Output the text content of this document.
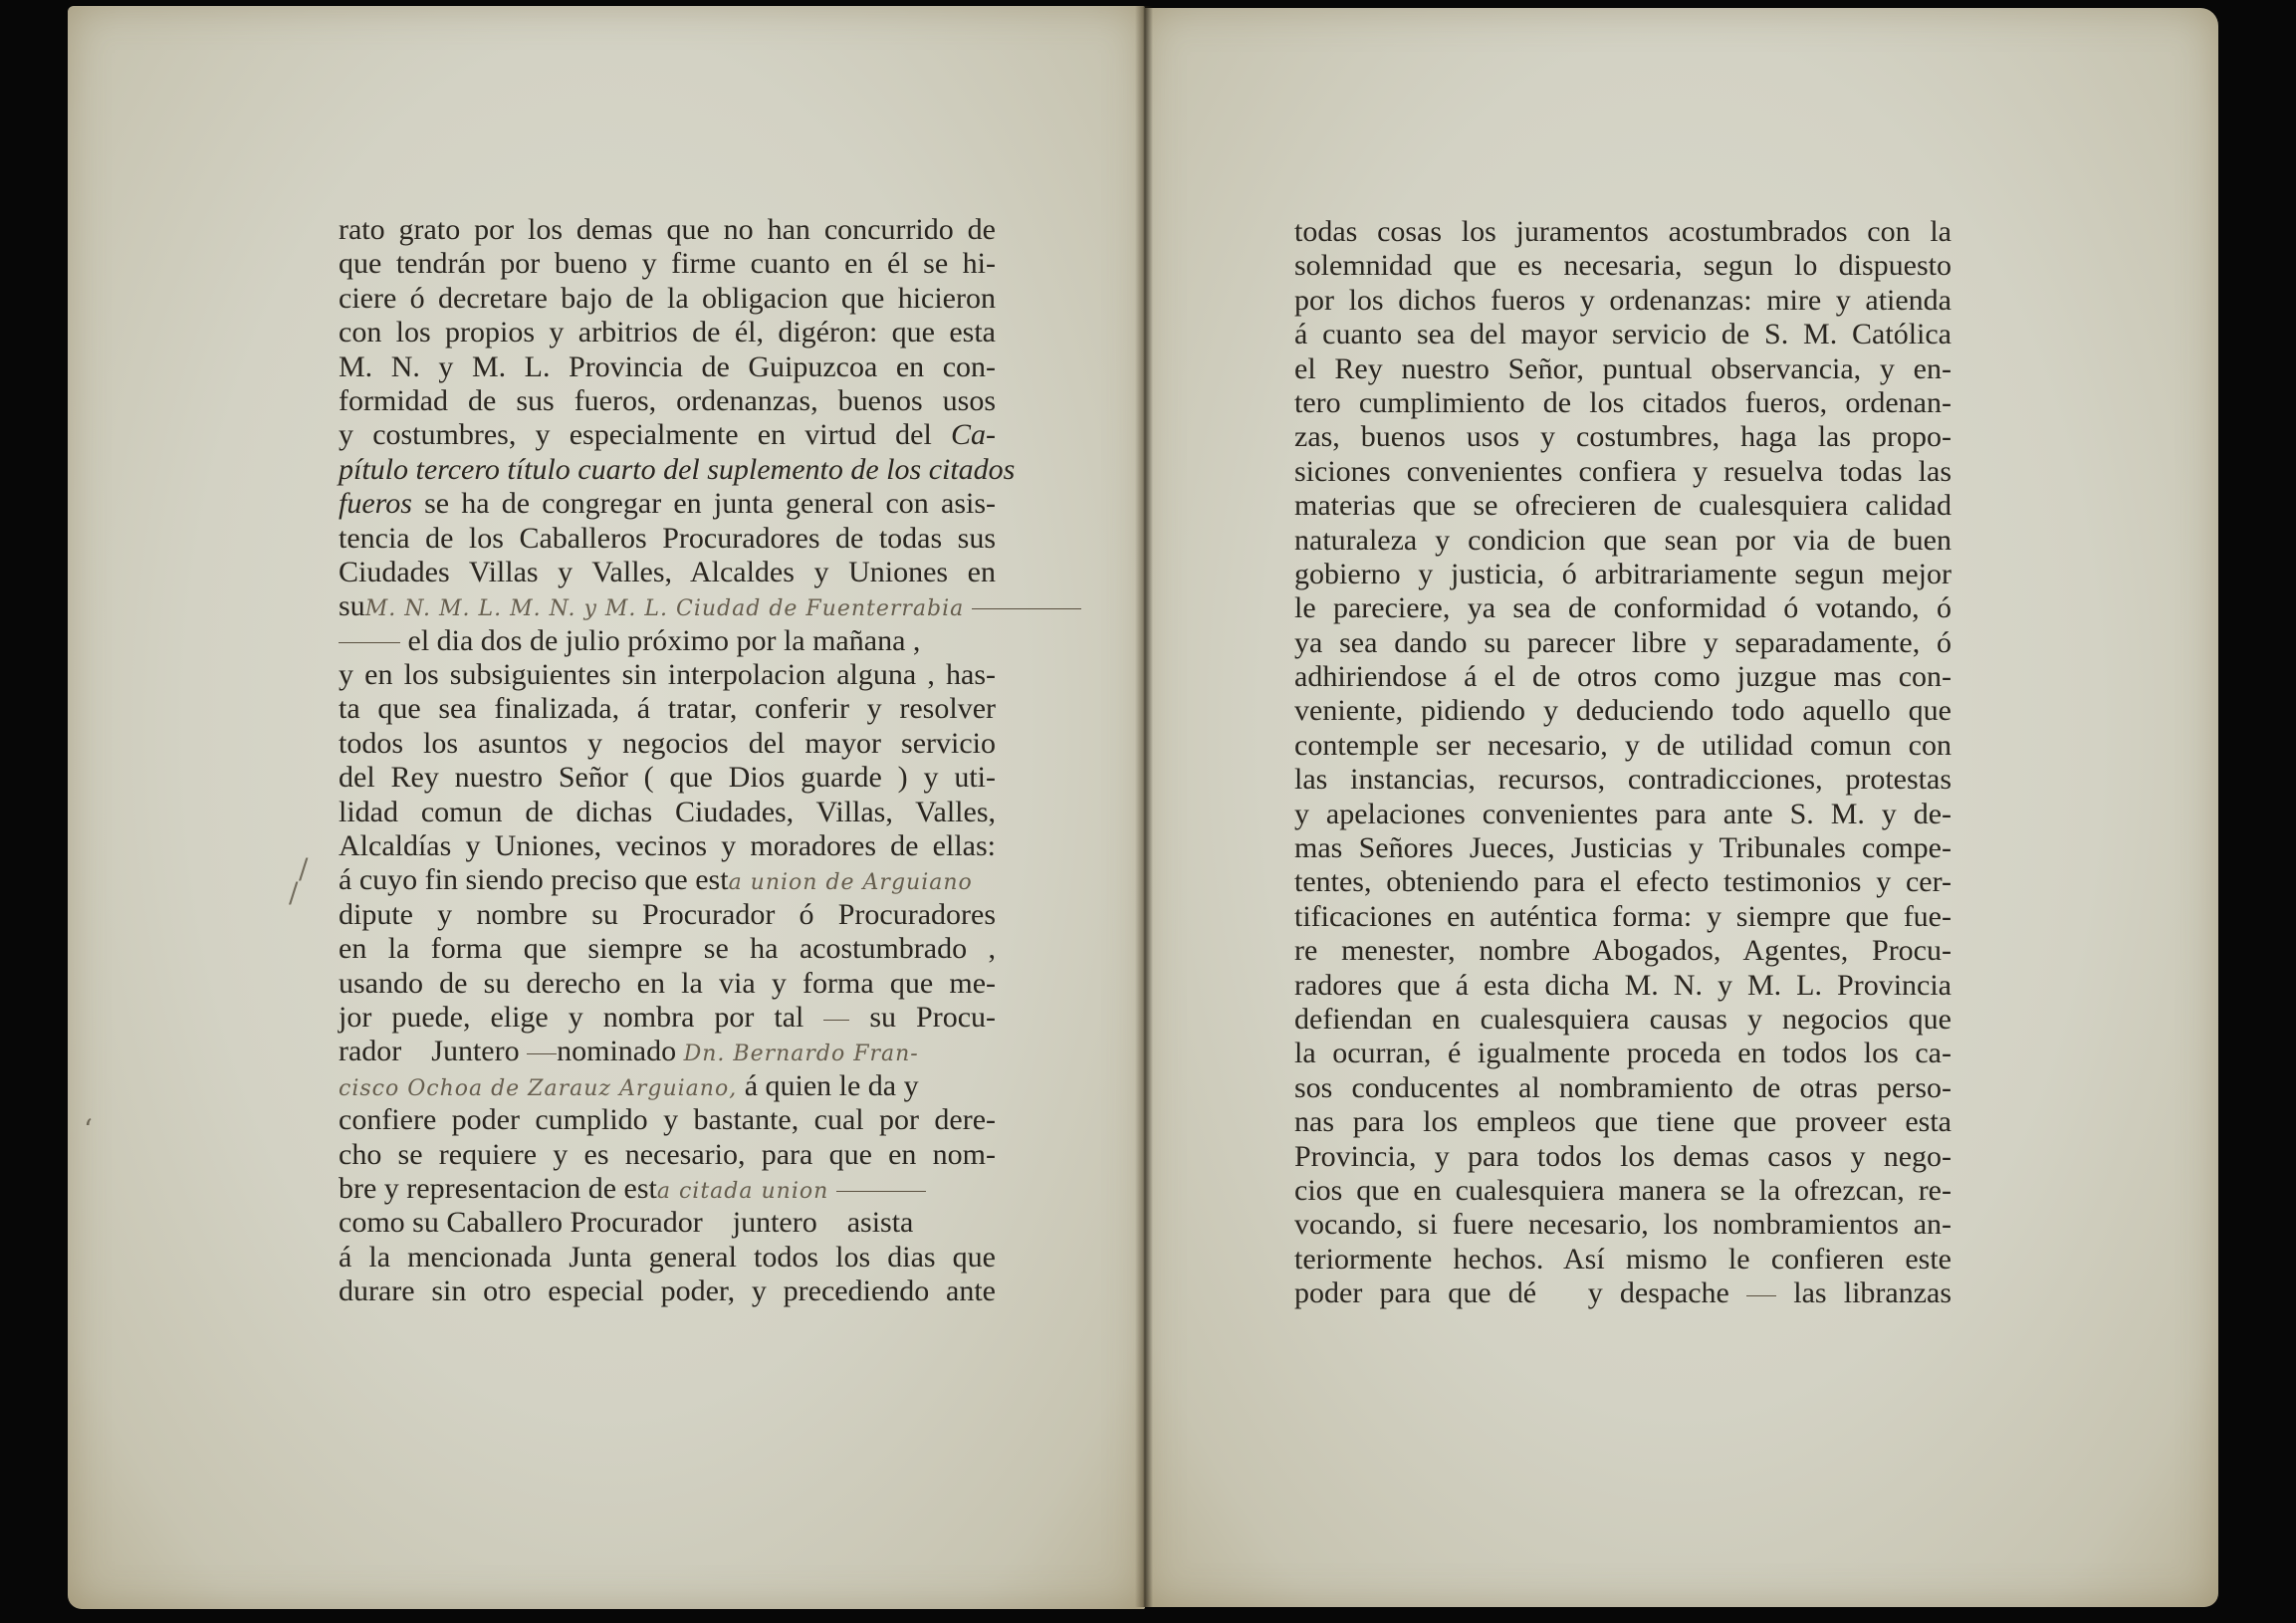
/
/
ʻ
rato grato por los demas que no han concurrido de
que tendrán por bueno y firme cuanto en él se hi-
ciere ó decretare bajo de la obligacion que hicieron
con los propios y arbitrios de él, digéron: que esta
M. N. y M. L. Provincia de Guipuzcoa en con-
formidad de sus fueros, ordenanzas, buenos usos
y costumbres, y especialmente en virtud del Ca-
pítulo tercero título cuarto del suplemento de los citados
fueros se ha de congregar en junta general con asis-
tencia de los Caballeros Procuradores de todas sus
Ciudades Villas y Valles, Alcaldes y Uniones en
suM. N. M. L. M. N. y M. L. Ciudad de Fuenterrabia
el dia dos de julio próximo por la mañana ,
y en los subsiguientes sin interpolacion alguna , has-
ta que sea finalizada, á tratar, conferir y resolver
todos los asuntos y negocios del mayor servicio
del Rey nuestro Señor ( que Dios guarde ) y uti-
lidad comun de dichas Ciudades, Villas, Valles,
Alcaldías y Uniones, vecinos y moradores de ellas:
á cuyo fin siendo preciso que esta union de Arguiano
dipute y nombre su Procurador ó Procuradores
en la forma que siempre se ha acostumbrado ,
usando de su derecho en la via y forma que me-
jor puede, elige y nombra por tal su Procu-
rador Juntero nominado Dn. Bernardo Fran-
cisco Ochoa de Zarauz Arguiano, á quien le da y
confiere poder cumplido y bastante, cual por dere-
cho se requiere y es necesario, para que en nom-
bre y representacion de esta citada union
como su Caballero Procurador juntero asista
á la mencionada Junta general todos los dias que
durare sin otro especial poder, y precediendo ante
todas cosas los juramentos acostumbrados con la
solemnidad que es necesaria, segun lo dispuesto
por los dichos fueros y ordenanzas: mire y atienda
á cuanto sea del mayor servicio de S. M. Católica
el Rey nuestro Señor, puntual observancia, y en-
tero cumplimiento de los citados fueros, ordenan-
zas, buenos usos y costumbres, haga las propo-
siciones convenientes confiera y resuelva todas las
materias que se ofrecieren de cualesquiera calidad
naturaleza y condicion que sean por via de buen
gobierno y justicia, ó arbitrariamente segun mejor
le pareciere, ya sea de conformidad ó votando, ó
ya sea dando su parecer libre y separadamente, ó
adhiriendose á el de otros como juzgue mas con-
veniente, pidiendo y deduciendo todo aquello que
contemple ser necesario, y de utilidad comun con
las instancias, recursos, contradicciones, protestas
y apelaciones convenientes para ante S. M. y de-
mas Señores Jueces, Justicias y Tribunales compe-
tentes, obteniendo para el efecto testimonios y cer-
tificaciones en auténtica forma: y siempre que fue-
re menester, nombre Abogados, Agentes, Procu-
radores que á esta dicha M. N. y M. L. Provincia
defiendan en cualesquiera causas y negocios que
la ocurran, é igualmente proceda en todos los ca-
sos conducentes al nombramiento de otras perso-
nas para los empleos que tiene que proveer esta
Provincia, y para todos los demas casos y nego-
cios que en cualesquiera manera se la ofrezcan, re-
vocando, si fuere necesario, los nombramientos an-
teriormente hechos. Así mismo le confieren este
poder para que dé y despache las libranzas
